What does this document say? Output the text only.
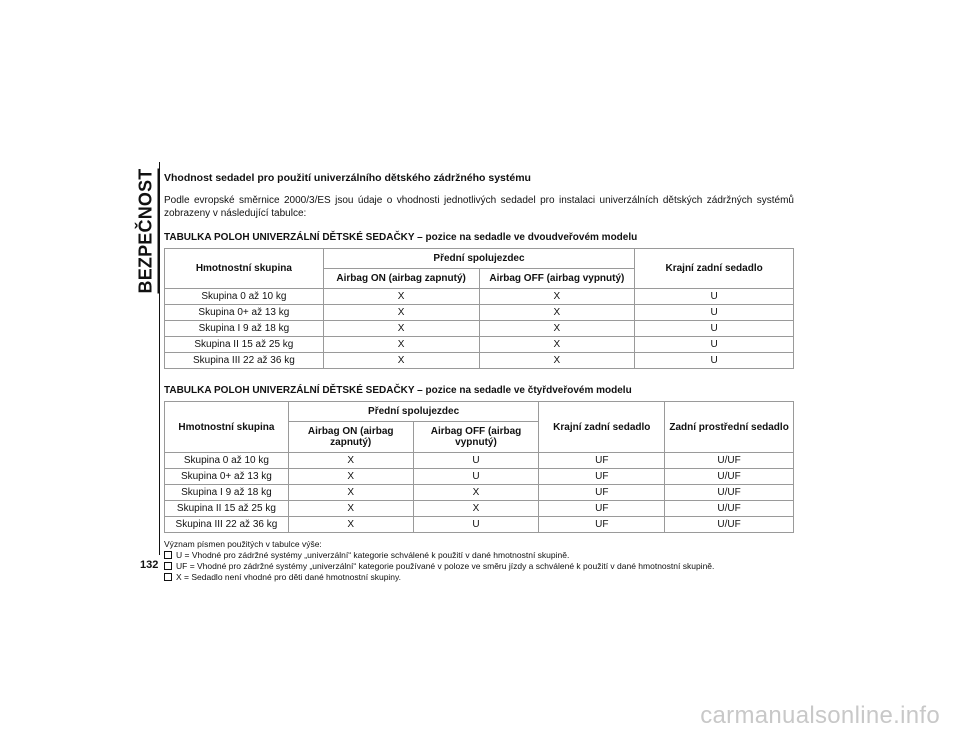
BEZPEČNOST
132
Vhodnost sedadel pro použití univerzálního dětského zádržného systému
Podle evropské směrnice 2000/3/ES jsou údaje o vhodnosti jednotlivých sedadel pro instalaci univerzálních dětských zádržných systémů zobrazeny v následující tabulce:
TABULKA POLOH UNIVERZÁLNÍ DĚTSKÉ SEDAČKY – pozice na sedadle ve dvoudveřovém modelu
Hmotnostní skupina	Přední spolujezdec		Krajní zadní sedadlo
	Airbag ON (airbag zapnutý)	Airbag OFF (airbag vypnutý)	
Skupina 0 až 10 kg	X	X	U
Skupina 0+ až 13 kg	X	X	U
Skupina I 9 až 18 kg	X	X	U
Skupina II 15 až 25 kg	X	X	U
Skupina III 22 až 36 kg	X	X	U
TABULKA POLOH UNIVERZÁLNÍ DĚTSKÉ SEDAČKY – pozice na sedadle ve čtyřdveřovém modelu
Hmotnostní skupina	Přední spolujezdec		Krajní zadní sedadlo	Zadní prostřední sedadlo
	Airbag ON (airbag zapnutý)	Airbag OFF (airbag vypnutý)		
Skupina 0 až 10 kg	X	U	UF	U/UF
Skupina 0+ až 13 kg	X	U	UF	U/UF
Skupina I 9 až 18 kg	X	X	UF	U/UF
Skupina II 15 až 25 kg	X	X	UF	U/UF
Skupina III 22 až 36 kg	X	U	UF	U/UF
Význam písmen použitých v tabulce výše:
U = Vhodné pro zádržné systémy „univerzální“ kategorie schválené k použití v dané hmotnostní skupině.
UF = Vhodné pro zádržné systémy „univerzální“ kategorie používané v poloze ve směru jízdy a schválené k použití v dané hmotnostní skupině.
X = Sedadlo není vhodné pro děti dané hmotnostní skupiny.
carmanualsonline.info
